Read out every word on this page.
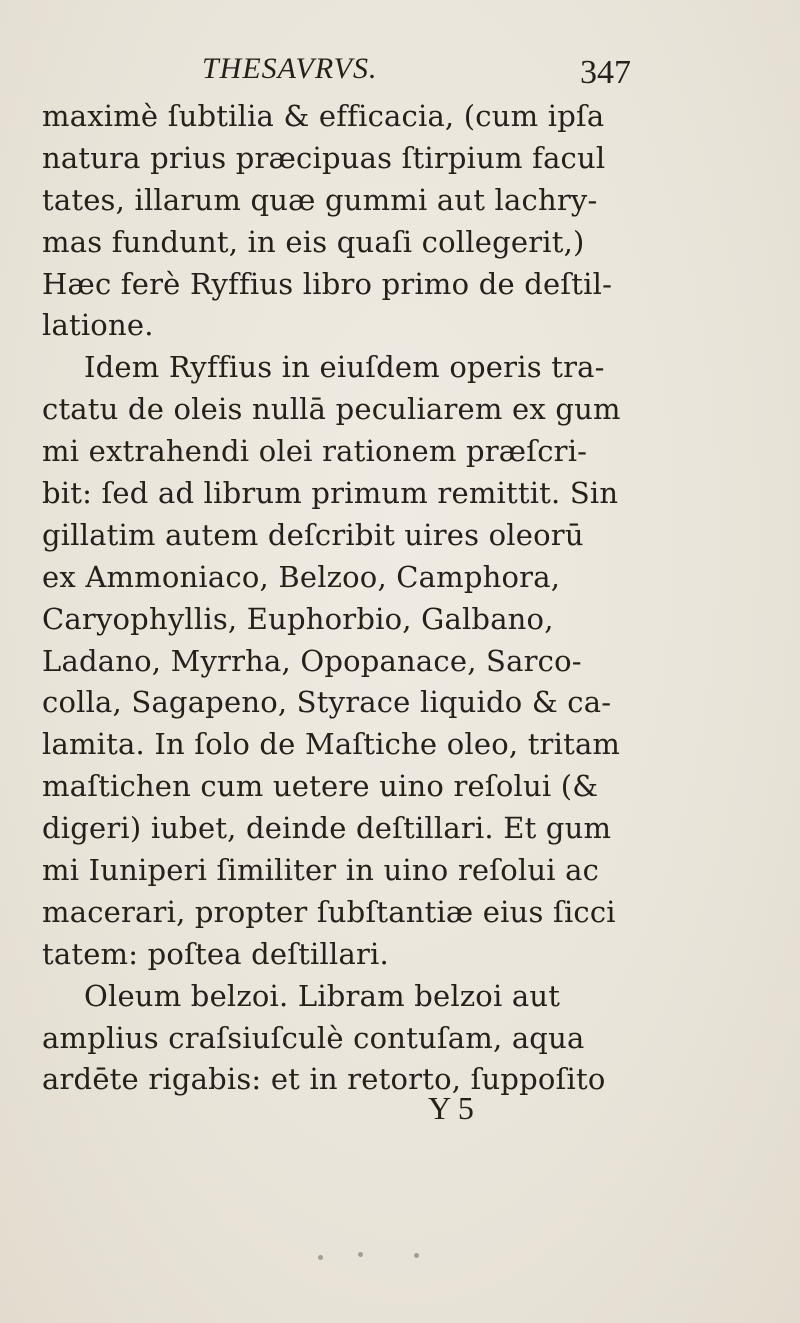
THESAVRVS.	347
maximè ſubtilia & efficacia, (cum ipſa
natura prius præcipuas ſtirpium facul
tates, illarum quæ gummi aut lachry-
mas fundunt, in eis quaſi collegerit,)
Hæc ferè Ryffius libro primo de deſtil-
latione.
Idem Ryffius in eiuſdem operis tra-
ctatu de oleis nullā peculiarem ex gum
mi extrahendi olei rationem præſcri-
bit: ſed ad librum primum remittit. Sin
gillatim autem deſcribit uires oleorū
ex Ammoniaco, Belzoo, Camphora,
Caryophyllis, Euphorbio, Galbano,
Ladano, Myrrha, Opopanace, Sarco-
colla, Sagapeno, Styrace liquido & ca-
lamita. In ſolo de Maſtiche oleo, tritam
maſtichen cum uetere uino reſolui (&
digeri) iubet, deinde deſtillari. Et gum
mi Iuniperi ſimiliter in uino reſolui ac
macerari, propter ſubſtantiæ eius ſicci
tatem: poſtea deſtillari.
Oleum belzoi. Libram belzoi aut
amplius craſsiuſculè contuſam, aqua
ardēte rigabis: et in retorto, ſuppoſito
Y 5
